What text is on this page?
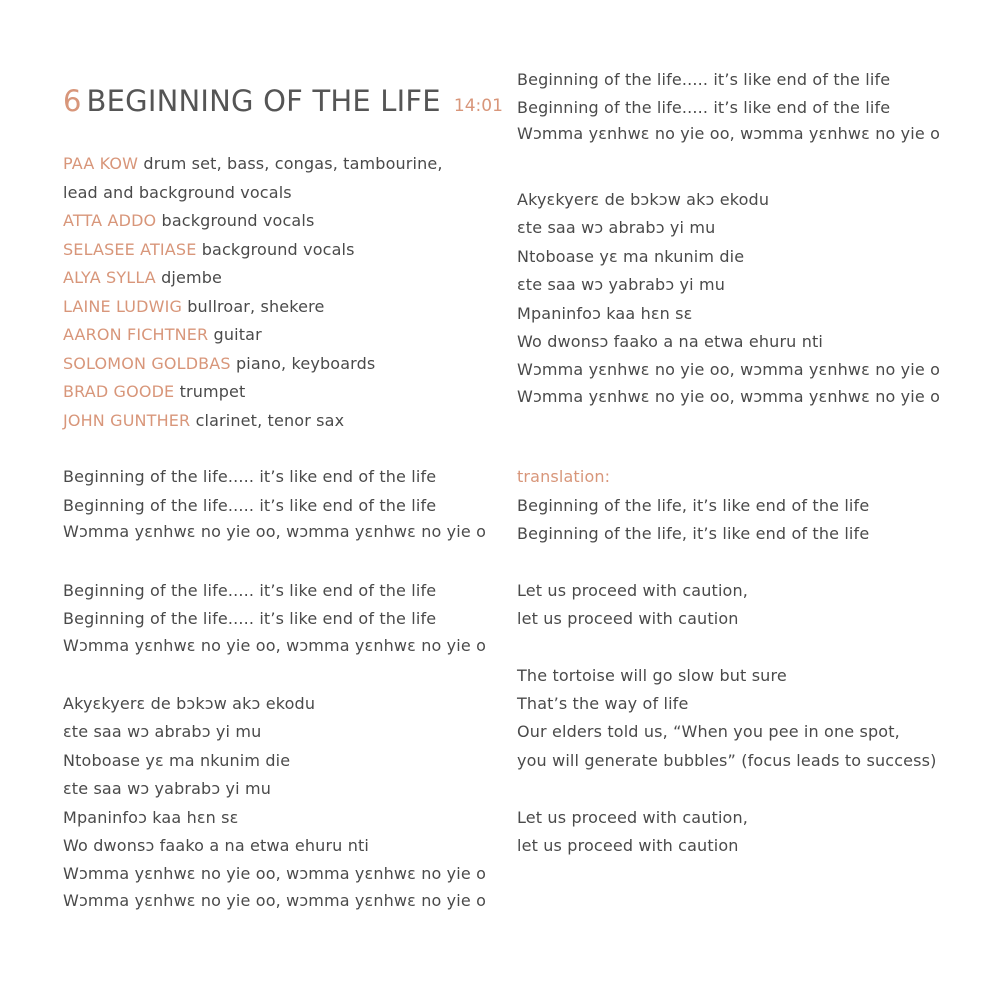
6 BEGINNING OF THE LIFE 14:01
PAA KOW drum set, bass, congas, tambourine,
lead and background vocals
ATTA ADDO background vocals
SELASEE ATIASE background vocals
ALYA SYLLA djembe
LAINE LUDWIG bullroar, shekere
AARON FICHTNER guitar
SOLOMON GOLDBAS piano, keyboards
BRAD GOODE trumpet
JOHN GUNTHER clarinet, tenor sax
Beginning of the life..... it’s like end of the life
Beginning of the life..... it’s like end of the life
Wɔmma yɛnhwɛ no yie oo, wɔmma yɛnhwɛ no yie o
Beginning of the life..... it’s like end of the life
Beginning of the life..... it’s like end of the life
Wɔmma yɛnhwɛ no yie oo, wɔmma yɛnhwɛ no yie o
Akyɛkyerɛ de bɔkɔw akɔ ekodu
ɛte saa wɔ abrabɔ yi mu
Ntoboase yɛ ma nkunim die
ɛte saa wɔ yabrabɔ yi mu
Mpaninfoɔ kaa hɛn sɛ
Wo dwonsɔ faako a na etwa ehuru nti
Wɔmma yɛnhwɛ no yie oo, wɔmma yɛnhwɛ no yie o
Wɔmma yɛnhwɛ no yie oo, wɔmma yɛnhwɛ no yie o
Beginning of the life..... it’s like end of the life
Beginning of the life..... it’s like end of the life
Wɔmma yɛnhwɛ no yie oo, wɔmma yɛnhwɛ no yie o
Akyɛkyerɛ de bɔkɔw akɔ ekodu
ɛte saa wɔ abrabɔ yi mu
Ntoboase yɛ ma nkunim die
ɛte saa wɔ yabrabɔ yi mu
Mpaninfoɔ kaa hɛn sɛ
Wo dwonsɔ faako a na etwa ehuru nti
Wɔmma yɛnhwɛ no yie oo, wɔmma yɛnhwɛ no yie o
Wɔmma yɛnhwɛ no yie oo, wɔmma yɛnhwɛ no yie o
translation:
Beginning of the life, it’s like end of the life
Beginning of the life, it’s like end of the life
Let us proceed with caution,
let us proceed with caution
The tortoise will go slow but sure
That’s the way of life
Our elders told us, “When you pee in one spot,
you will generate bubbles” (focus leads to success)
Let us proceed with caution,
let us proceed with caution
